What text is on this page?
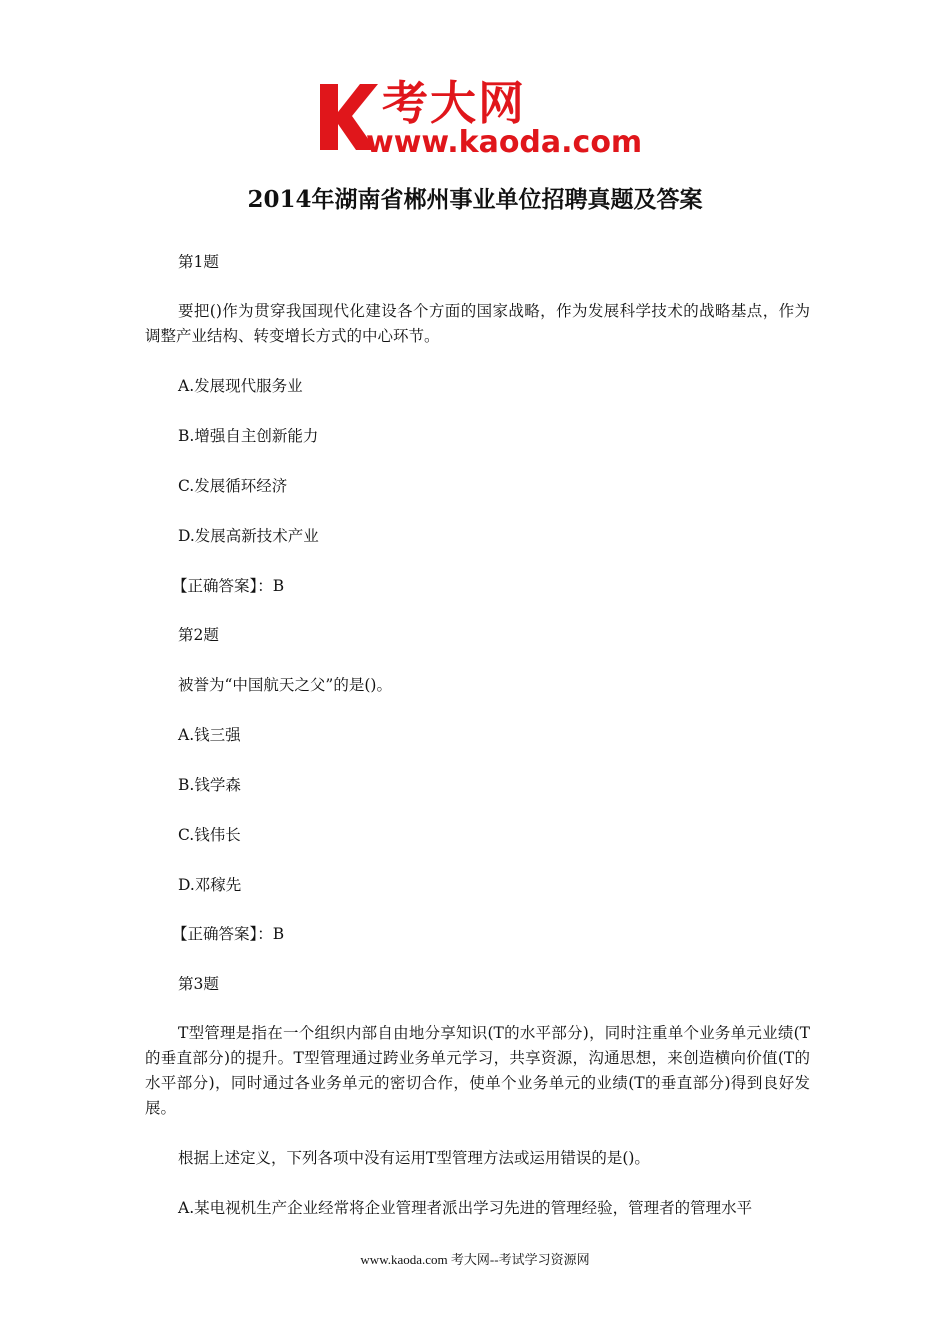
考大网
www.kaoda.com
2014年湖南省郴州事业单位招聘真题及答案
第1题
要把()作为贯穿我国现代化建设各个方面的国家战略，作为发展科学技术的战略基点，作为调整产业结构、转变增长方式的中心环节。
A.发展现代服务业
B.增强自主创新能力
C.发展循环经济
D.发展高新技术产业
【正确答案】：B
第2题
被誉为“中国航天之父”的是()。
A.钱三强
B.钱学森
C.钱伟长
D.邓稼先
【正确答案】：B
第3题
T型管理是指在一个组织内部自由地分享知识(T的水平部分)，同时注重单个业务单元业绩(T的垂直部分)的提升。T型管理通过跨业务单元学习，共享资源，沟通思想，来创造横向价值(T的水平部分)，同时通过各业务单元的密切合作，使单个业务单元的业绩(T的垂直部分)得到良好发展。
根据上述定义，下列各项中没有运用T型管理方法或运用错误的是()。
A.某电视机生产企业经常将企业管理者派出学习先进的管理经验，管理者的管理水平
www.kaoda.com 考大网--考试学习资源网
